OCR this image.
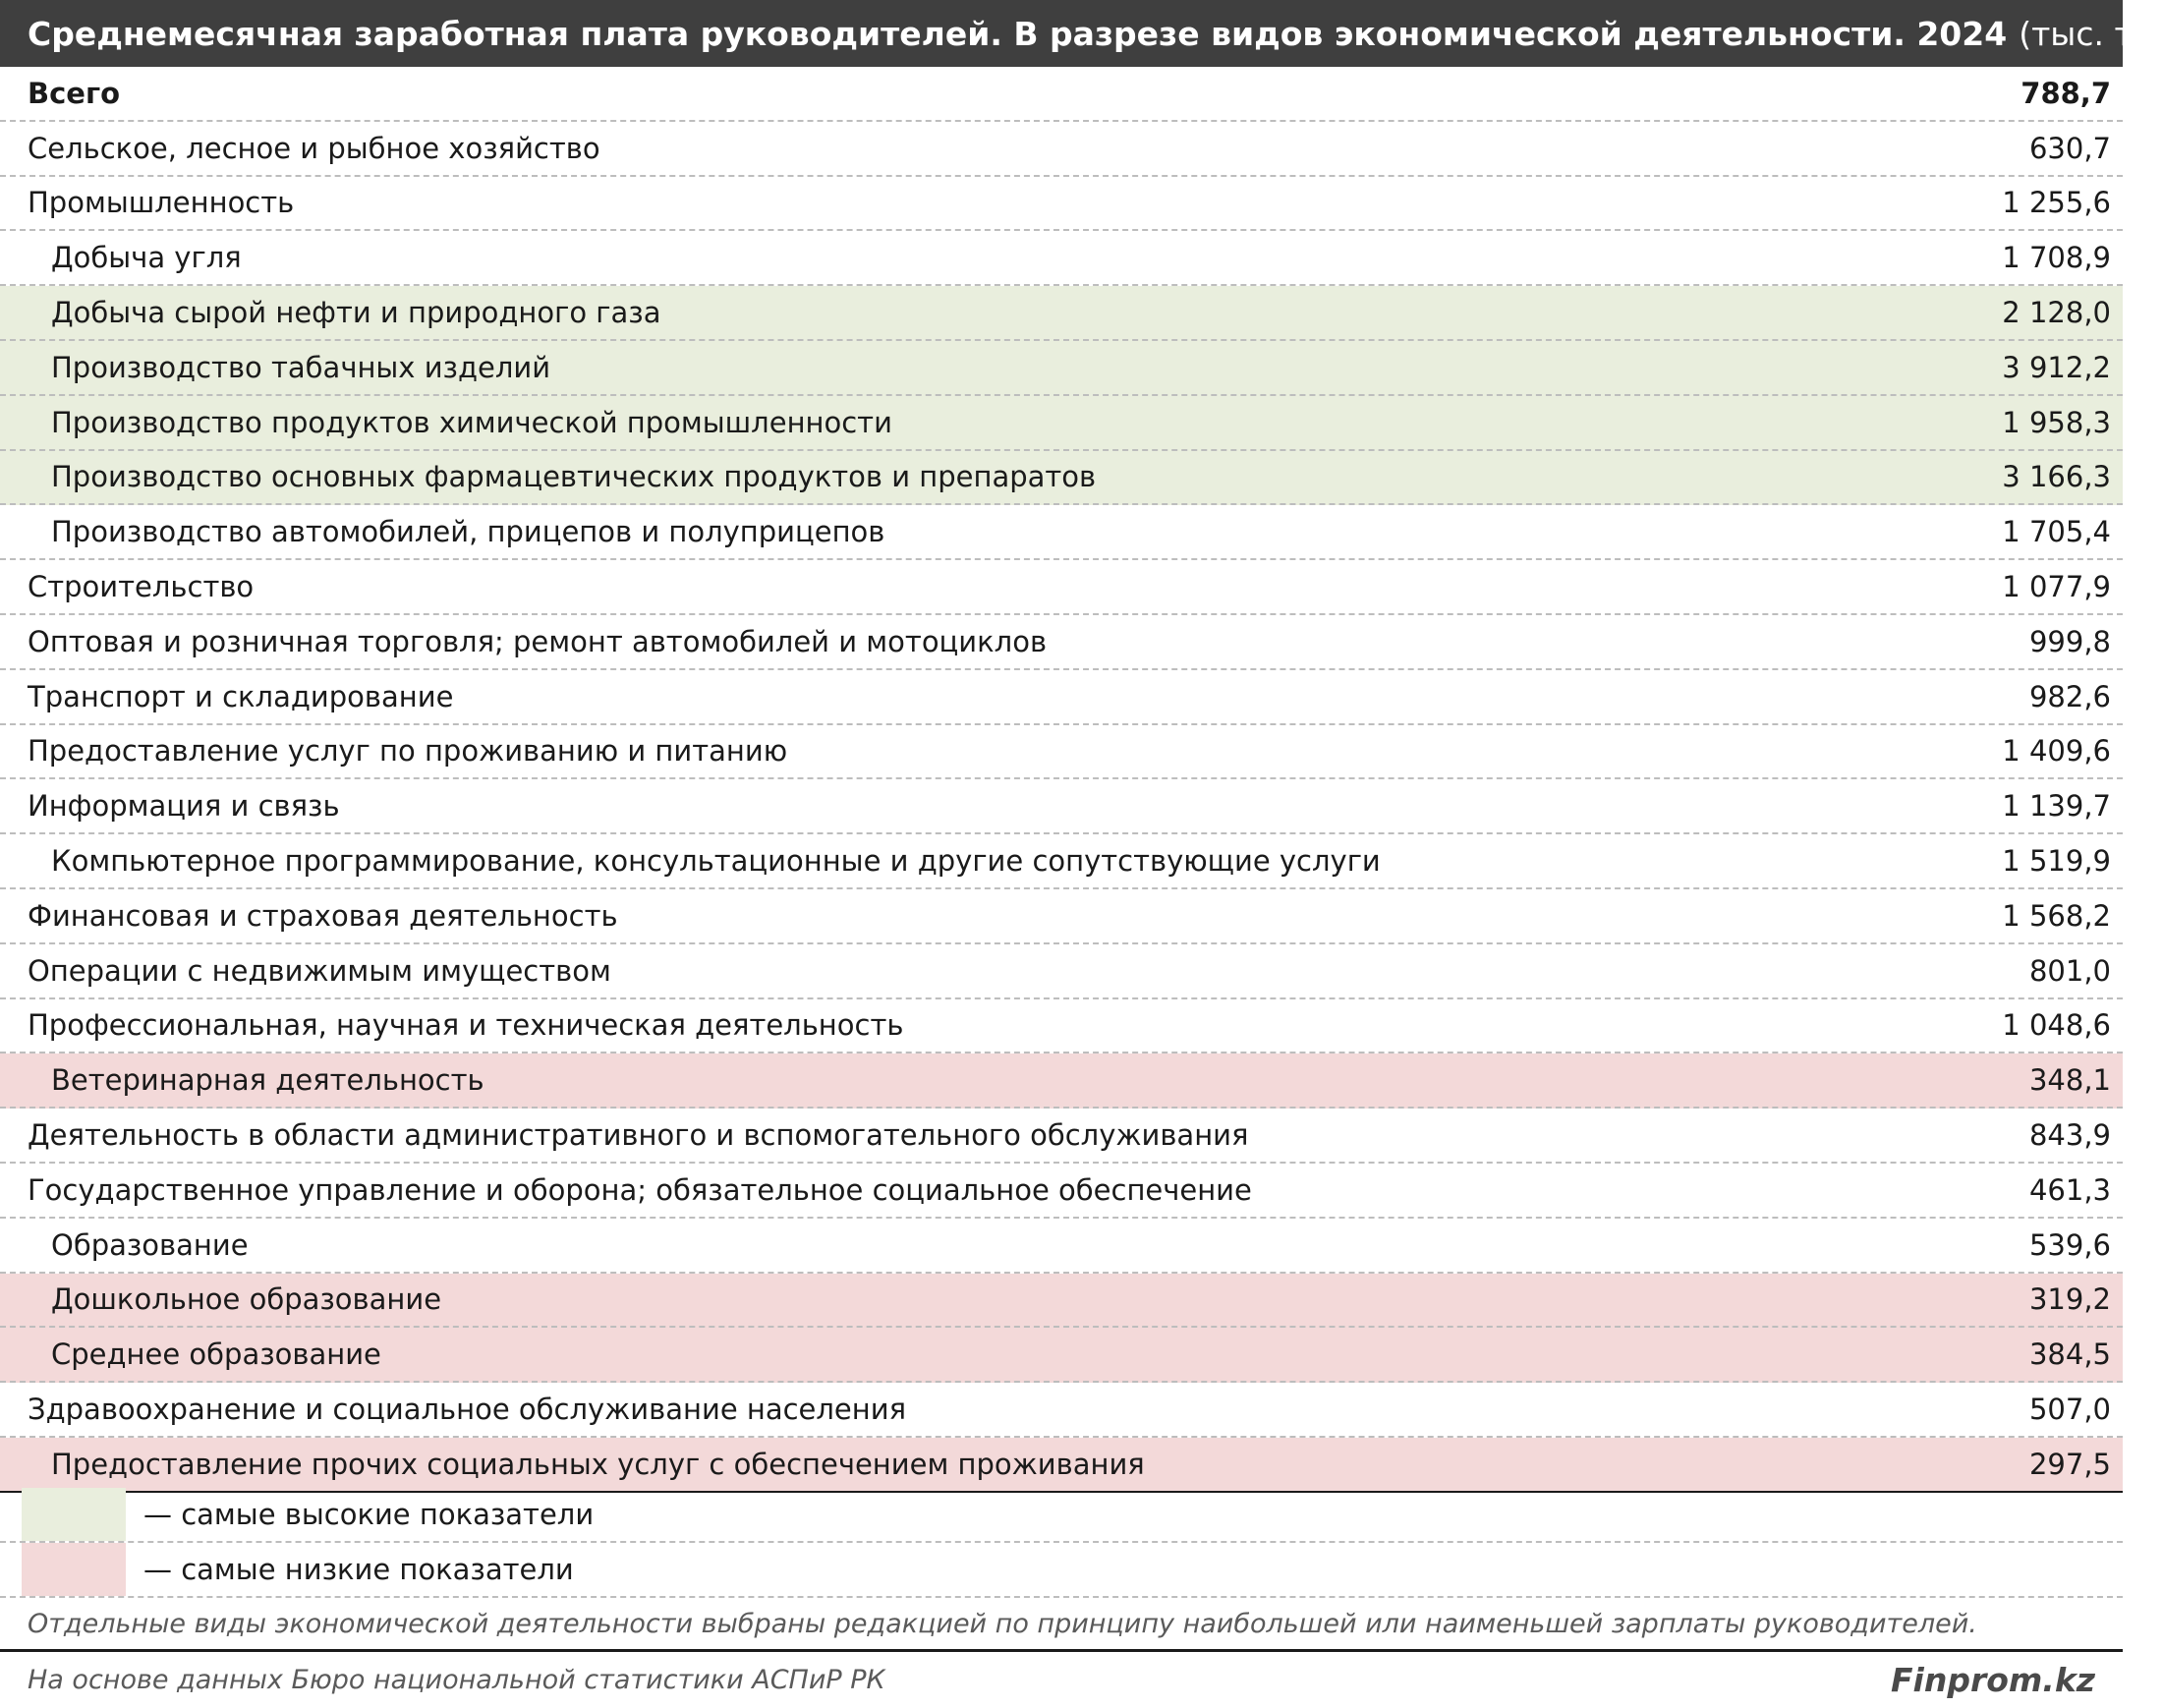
Среднемесячная заработная плата руководителей. В разрезе видов экономической деятельности. 2024 (тыс. тг)
Всего	788,7
Сельское, лесное и рыбное хозяйство	630,7
Промышленность	1 255,6
Добыча угля	1 708,9
Добыча сырой нефти и природного газа	2 128,0
Производство табачных изделий	3 912,2
Производство продуктов химической промышленности	1 958,3
Производство основных фармацевтических продуктов и препаратов	3 166,3
Производство автомобилей, прицепов и полуприцепов	1 705,4
Строительство	1 077,9
Оптовая и розничная торговля; ремонт автомобилей и мотоциклов	999,8
Транспорт и складирование	982,6
Предоставление услуг по проживанию и питанию	1 409,6
Информация и связь	1 139,7
Компьютерное программирование, консультационные и другие сопутствующие услуги	1 519,9
Финансовая и страховая деятельность	1 568,2
Операции с недвижимым имуществом	801,0
Профессиональная, научная и техническая деятельность	1 048,6
Ветеринарная деятельность	348,1
Деятельность в области административного и вспомогательного обслуживания	843,9
Государственное управление и оборона; обязательное социальное обеспечение	461,3
Образование	539,6
Дошкольное образование	319,2
Среднее образование	384,5
Здравоохранение и социальное обслуживание населения	507,0
Предоставление прочих социальных услуг с обеспечением проживания	297,5
— самые высокие показатели
— самые низкие показатели
Отдельные виды экономической деятельности выбраны редакцией по принципу наибольшей или наименьшей зарплаты руководителей.
На основе данных Бюро национальной статистики АСПиР РК	Finprom.kz
